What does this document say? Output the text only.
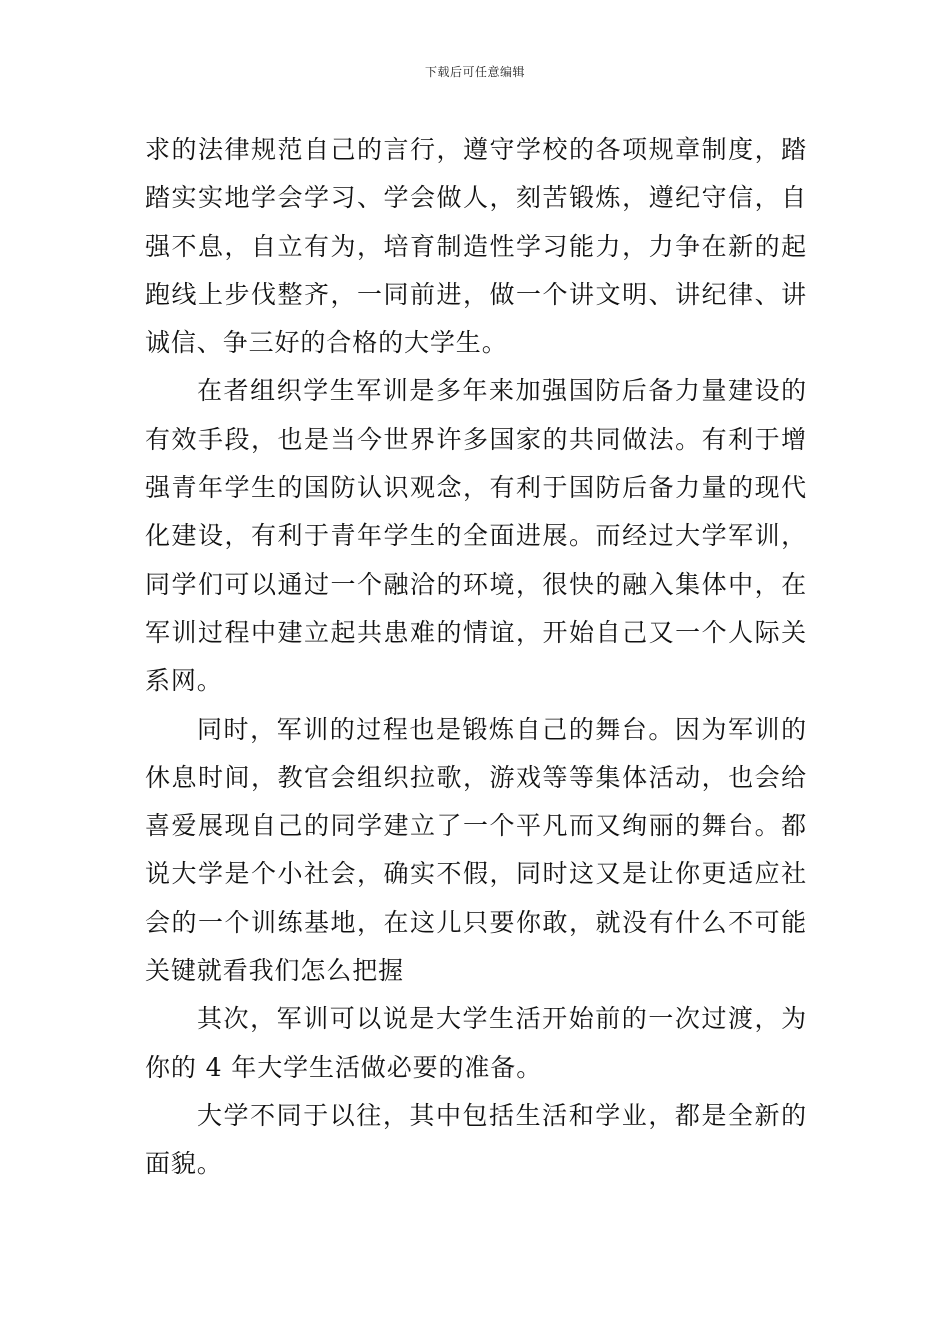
下载后可任意编辑

求的法律规范自己的言行，遵守学校的各项规章制度，踏踏实实地学会学习、学会做人，刻苦锻炼，遵纪守信，自强不息，自立有为，培育制造性学习能力，力争在新的起跑线上步伐整齐，一同前进，做一个讲文明、讲纪律、讲诚信、争三好的合格的大学生。

在者组织学生军训是多年来加强国防后备力量建设的有效手段，也是当今世界许多国家的共同做法。有利于增强青年学生的国防认识观念，有利于国防后备力量的现代化建设，有利于青年学生的全面进展。而经过大学军训，同学们可以通过一个融洽的环境，很快的融入集体中，在军训过程中建立起共患难的情谊，开始自己又一个人际关系网。

同时，军训的过程也是锻炼自己的舞台。因为军训的休息时间，教官会组织拉歌，游戏等等集体活动，也会给喜爱展现自己的同学建立了一个平凡而又绚丽的舞台。都说大学是个小社会，确实不假，同时这又是让你更适应社会的一个训练基地，在这儿只要你敢，就没有什么不可能关键就看我们怎么把握

其次，军训可以说是大学生活开始前的一次过渡，为你的 4 年大学生活做必要的准备。

大学不同于以往，其中包括生活和学业，都是全新的面貌。
